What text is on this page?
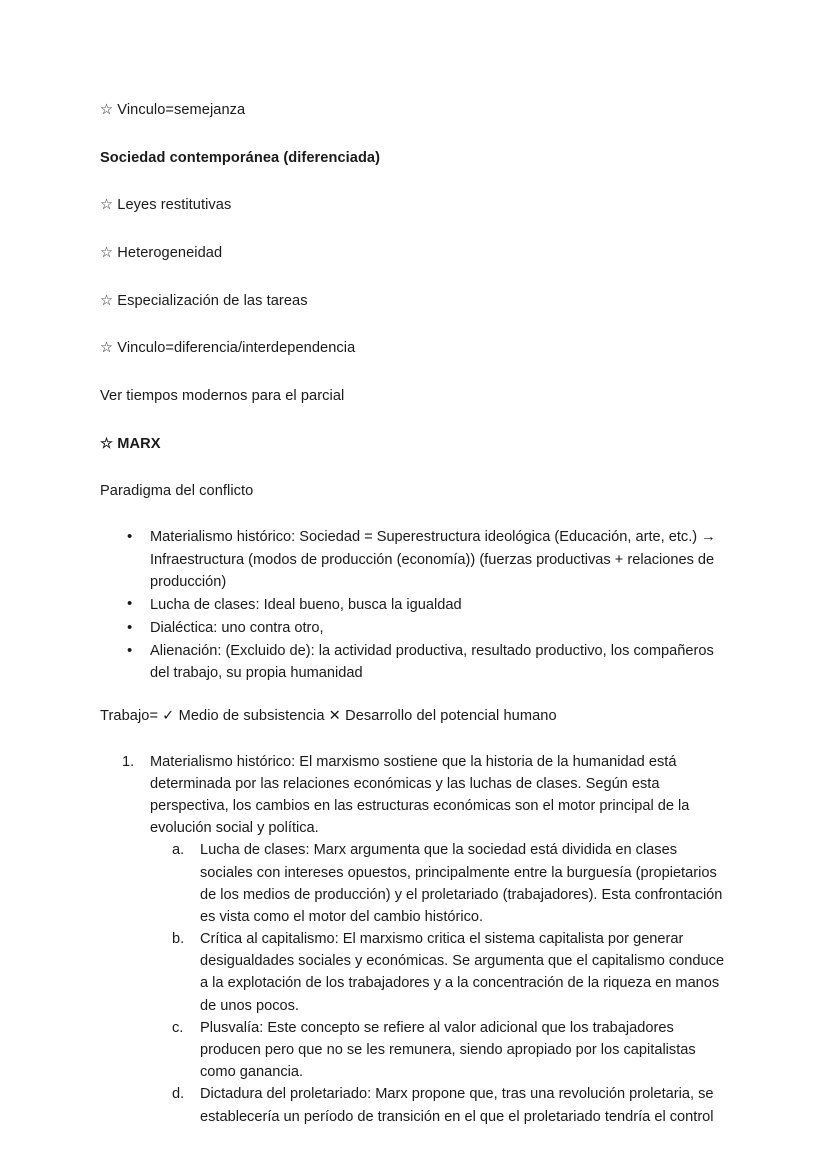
☆ Vinculo=semejanza

Sociedad contemporánea (diferenciada)

☆ Leyes restitutivas

☆ Heterogeneidad

☆ Especialización de las tareas

☆ Vinculo=diferencia/interdependencia

Ver tiempos modernos para el parcial

☆ MARX

Paradigma del conflicto

• Materialismo histórico: Sociedad = Superestructura ideológica (Educación, arte, etc.) → Infraestructura (modos de producción (economía)) (fuerzas productivas + relaciones de producción)
• Lucha de clases: Ideal bueno, busca la igualdad
• Dialéctica: uno contra otro,
• Alienación: (Excluido de): la actividad productiva, resultado productivo, los compañeros del trabajo, su propia humanidad

Trabajo= ✓ Medio de subsistencia ✕ Desarrollo del potencial humano

Materialismo histórico: El marxismo sostiene que la historia de la humanidad está determinada por las relaciones económicas y las luchas de clases. Según esta perspectiva, los cambios en las estructuras económicas son el motor principal de la evolución social y política.
Lucha de clases: Marx argumenta que la sociedad está dividida en clases sociales con intereses opuestos, principalmente entre la burguesía (propietarios de los medios de producción) y el proletariado (trabajadores). Esta confrontación es vista como el motor del cambio histórico.
Crítica al capitalismo: El marxismo critica el sistema capitalista por generar desigualdades sociales y económicas. Se argumenta que el capitalismo conduce a la explotación de los trabajadores y a la concentración de la riqueza en manos de unos pocos.
Plusvalía: Este concepto se refiere al valor adicional que los trabajadores producen pero que no se les remunera, siendo apropiado por los capitalistas como ganancia.
Dictadura del proletariado: Marx propone que, tras una revolución proletaria, se establecería un período de transición en el que el proletariado tendría el control
